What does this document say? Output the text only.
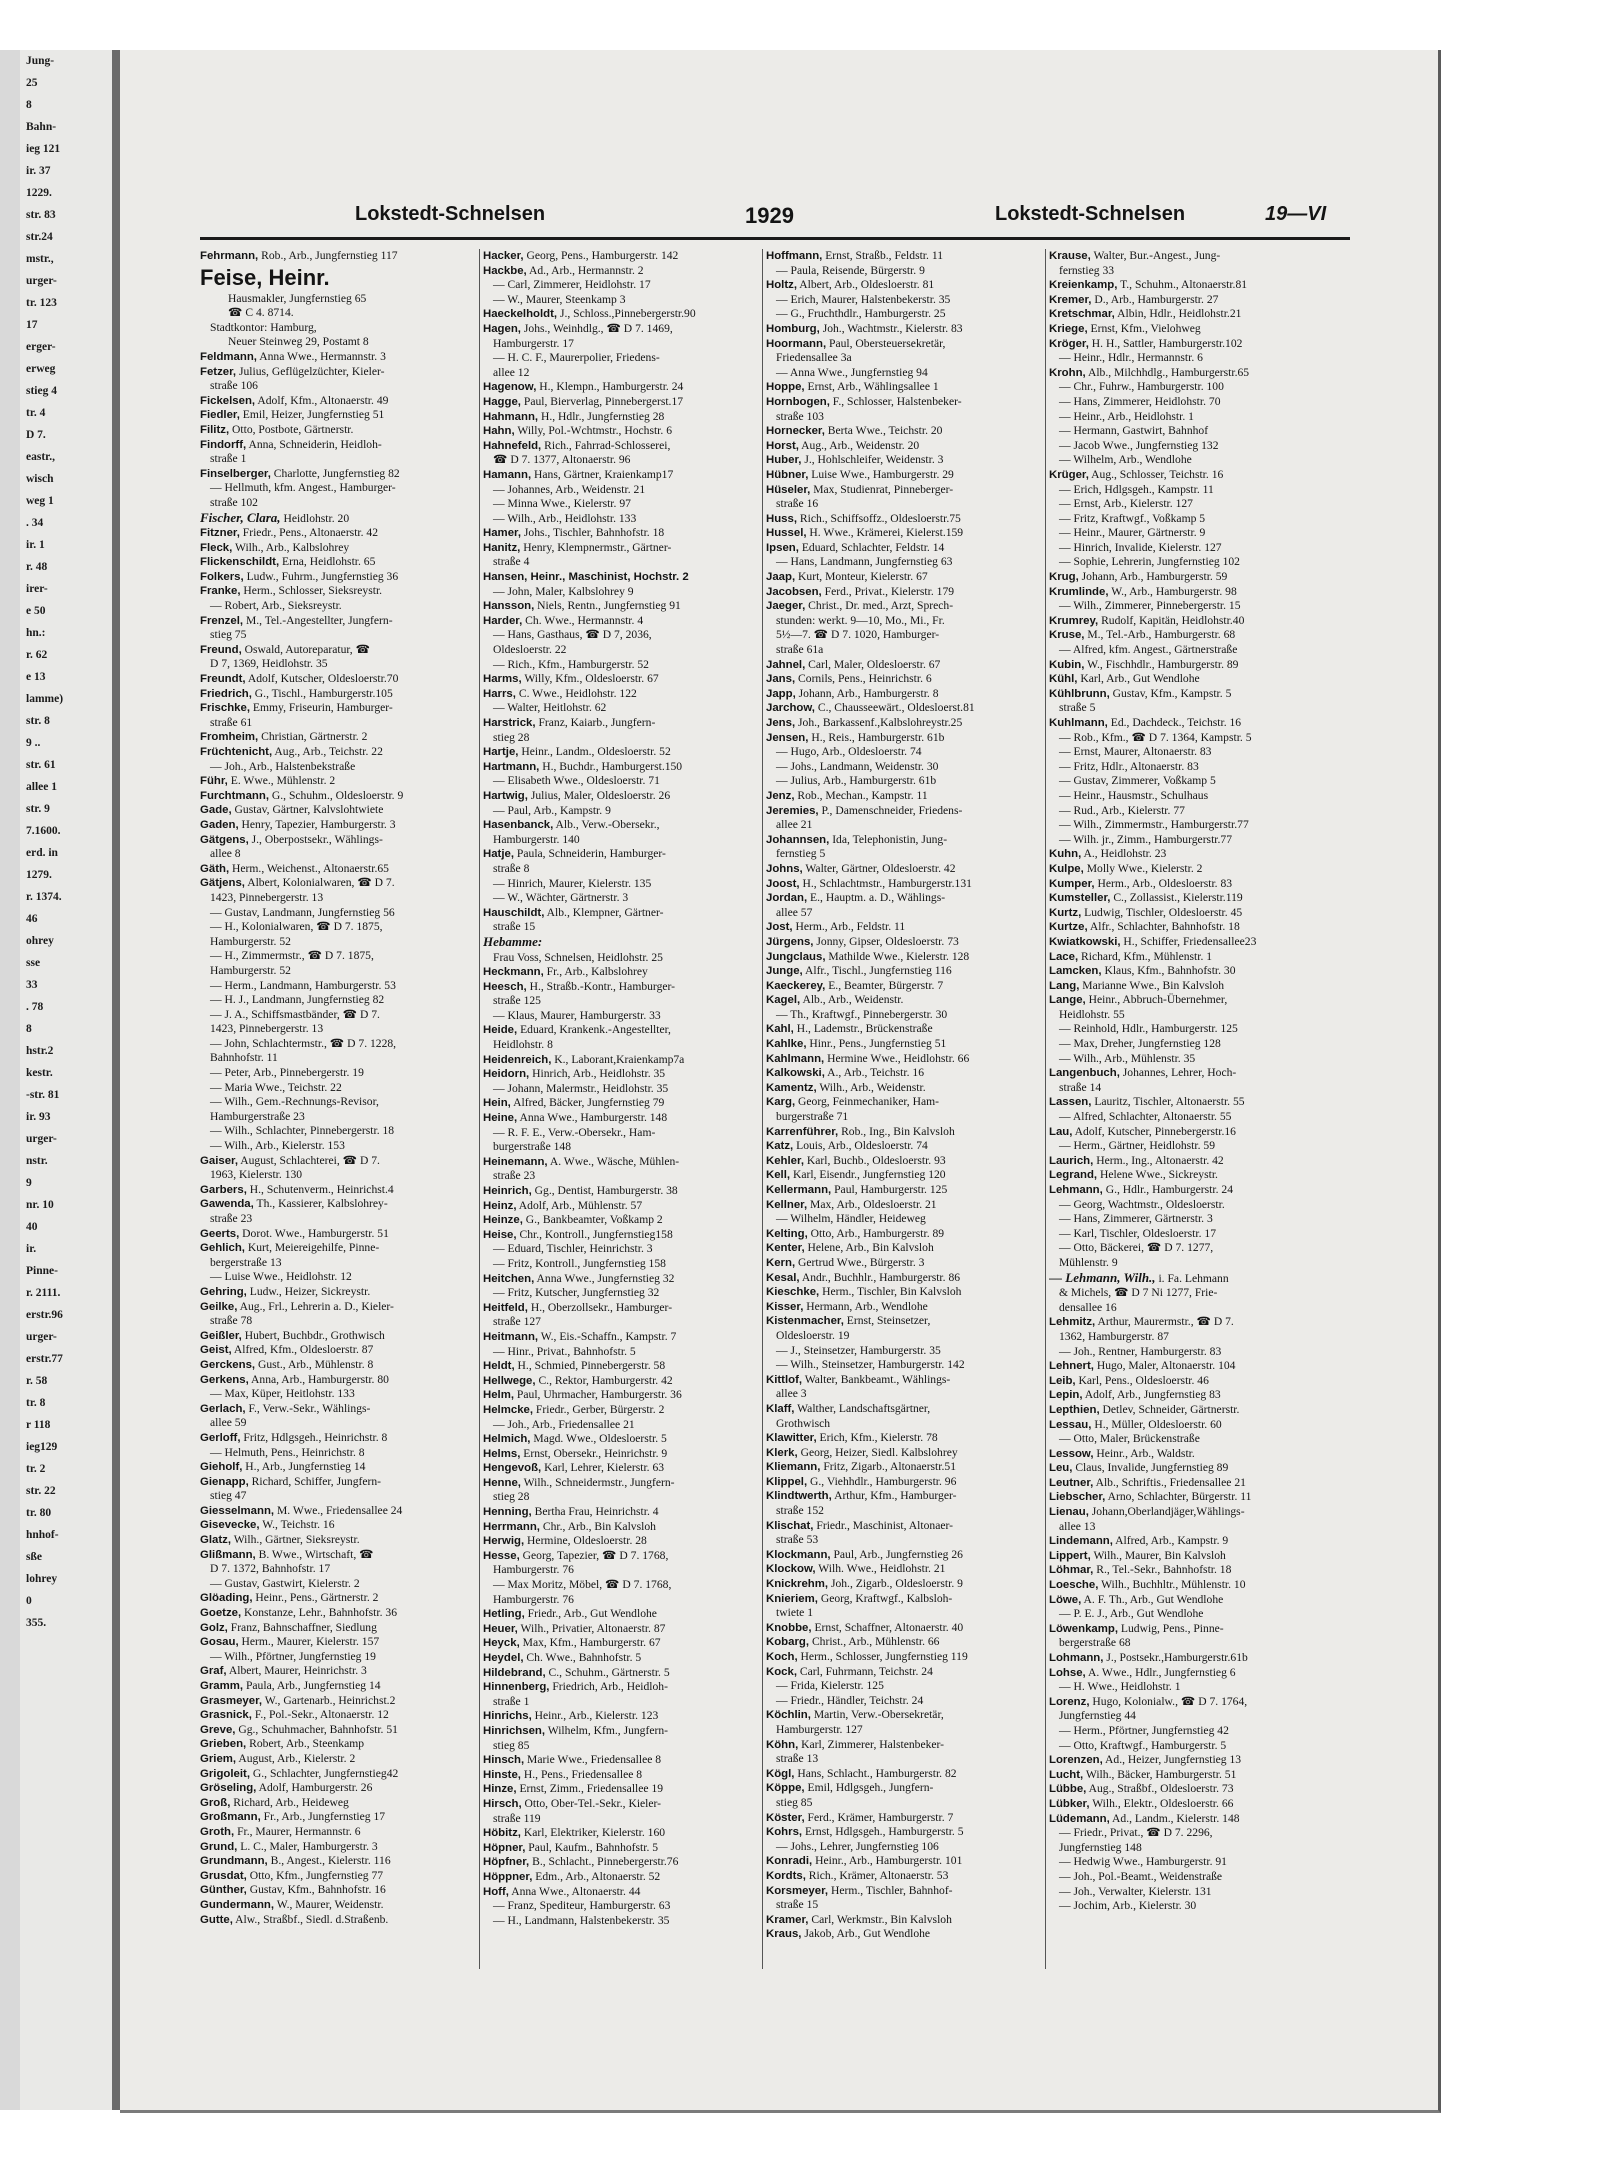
Jung-
25
8
Bahn-
ieg 121
ir. 37
1229.
str. 83
str.24
mstr.,
urger-
tr. 123
17
erger-
erweg
stieg 4
tr. 4
D 7.
eastr.,
wisch
weg 1
. 34
ir. 1
r. 48
irer-
e 50
hn.:
r. 62
e 13
lamme)
str. 8
9 ..
str. 61
allee 1
str. 9
7.1600.
erd. in
1279.
r. 1374.
46
ohrey
sse
33
. 78
8
hstr.2
kestr.
-str. 81
ir. 93
urger-
nstr.
9
nr. 10
40
ir.
Pinne-
r. 2111.
erstr.96
urger-
erstr.77
r. 58
tr. 8
r 118
ieg129
tr. 2
str. 22
tr. 80
hnhof-
sße
lohrey
0
355.
Lokstedt-Schnelsen	1929	Lokstedt-Schnelsen	19—VI
Fehrmann, Rob., Arb., Jungfernstieg 117
Feise, Heinr.
Hausmakler, Jungfernstieg 65
☎ C 4. 8714.
Stadtkontor: Hamburg,
Neuer Steinweg 29, Postamt 8
Feldmann, Anna Wwe., Hermannstr. 3
Fetzer, Julius, Geflügelzüchter, Kieler-
straße 106
Fickelsen, Adolf, Kfm., Altonaerstr. 49
Fiedler, Emil, Heizer, Jungfernstieg 51
Filitz, Otto, Postbote, Gärtnerstr.
Findorff, Anna, Schneiderin, Heidloh-
straße 1
Finselberger, Charlotte, Jungfernstieg 82
— Hellmuth, kfm. Angest., Hamburger-
straße 102
Fischer, Clara, Heidlohstr. 20
Fitzner, Friedr., Pens., Altonaerstr. 42
Fleck, Wilh., Arb., Kalbslohrey
Flickenschildt, Erna, Heidlohstr. 65
Folkers, Ludw., Fuhrm., Jungfernstieg 36
Franke, Herm., Schlosser, Sieksreystr.
— Robert, Arb., Sieksreystr.
Frenzel, M., Tel.-Angestellter, Jungfern-
stieg 75
Freund, Oswald, Autoreparatur, ☎
D 7, 1369, Heidlohstr. 35
Freundt, Adolf, Kutscher, Oldesloerstr.70
Friedrich, G., Tischl., Hamburgerstr.105
Frischke, Emmy, Friseurin, Hamburger-
straße 61
Fromheim, Christian, Gärtnerstr. 2
Früchtenicht, Aug., Arb., Teichstr. 22
— Joh., Arb., Halstenbekstraße
Führ, E. Wwe., Mühlenstr. 2
Furchtmann, G., Schuhm., Oldesloerstr. 9
Gade, Gustav, Gärtner, Kalvslohtwiete
Gaden, Henry, Tapezier, Hamburgerstr. 3
Gätgens, J., Oberpostsekr., Wählings-
allee 8
Gäth, Herm., Weichenst., Altonaerstr.65
Gätjens, Albert, Kolonialwaren, ☎ D 7.
1423, Pinnebergerstr. 13
— Gustav, Landmann, Jungfernstieg 56
— H., Kolonialwaren, ☎ D 7. 1875,
Hamburgerstr. 52
— H., Zimmermstr., ☎ D 7. 1875,
Hamburgerstr. 52
— Herm., Landmann, Hamburgerstr. 53
— H. J., Landmann, Jungfernstieg 82
— J. A., Schiffsmastbänder, ☎ D 7.
1423, Pinnebergerstr. 13
— John, Schlachtermstr., ☎ D 7. 1228,
Bahnhofstr. 11
— Peter, Arb., Pinnebergerstr. 19
— Maria Wwe., Teichstr. 22
— Wilh., Gem.-Rechnungs-Revisor,
Hamburgerstraße 23
— Wilh., Schlachter, Pinnebergerstr. 18
— Wilh., Arb., Kielerstr. 153
Gaiser, August, Schlachterei, ☎ D 7.
1963, Kielerstr. 130
Garbers, H., Schutenverm., Heinrichst.4
Gawenda, Th., Kassierer, Kalbslohrey-
straße 23
Geerts, Dorot. Wwe., Hamburgerstr. 51
Gehlich, Kurt, Meiereigehilfe, Pinne-
bergerstraße 13
— Luise Wwe., Heidlohstr. 12
Gehring, Ludw., Heizer, Sickreystr.
Geilke, Aug., Frl., Lehrerin a. D., Kieler-
straße 78
Geißler, Hubert, Buchbdr., Grothwisch
Geist, Alfred, Kfm., Oldesloerstr. 87
Gerckens, Gust., Arb., Mühlenstr. 8
Gerkens, Anna, Arb., Hamburgerstr. 80
— Max, Küper, Heitlohstr. 133
Gerlach, F., Verw.-Sekr., Wählings-
allee 59
Gerloff, Fritz, Hdlgsgeh., Heinrichstr. 8
— Helmuth, Pens., Heinrichstr. 8
Gieholf, H., Arb., Jungfernstieg 14
Gienapp, Richard, Schiffer, Jungfern-
stieg 47
Giesselmann, M. Wwe., Friedensallee 24
Gisevecke, W., Teichstr. 16
Glatz, Wilh., Gärtner, Sieksreystr.
Glißmann, B. Wwe., Wirtschaft, ☎
D 7. 1372, Bahnhofstr. 17
— Gustav, Gastwirt, Kielerstr. 2
Glöading, Heinr., Pens., Gärtnerstr. 2
Goetze, Konstanze, Lehr., Bahnhofstr. 36
Golz, Franz, Bahnschaffner, Siedlung
Gosau, Herm., Maurer, Kielerstr. 157
— Wilh., Pförtner, Jungfernstieg 19
Graf, Albert, Maurer, Heinrichstr. 3
Gramm, Paula, Arb., Jungfernstieg 14
Grasmeyer, W., Gartenarb., Heinrichst.2
Grasnick, F., Pol.-Sekr., Altonaerstr. 12
Greve, Gg., Schuhmacher, Bahnhofstr. 51
Grieben, Robert, Arb., Steenkamp
Griem, August, Arb., Kielerstr. 2
Grigoleit, G., Schlachter, Jungfernstieg42
Gröseling, Adolf, Hamburgerstr. 26
Groß, Richard, Arb., Heideweg
Großmann, Fr., Arb., Jungfernstieg 17
Groth, Fr., Maurer, Hermannstr. 6
Grund, L. C., Maler, Hamburgerstr. 3
Grundmann, B., Angest., Kielerstr. 116
Grusdat, Otto, Kfm., Jungfernstieg 77
Günther, Gustav, Kfm., Bahnhofstr. 16
Gundermann, W., Maurer, Weidenstr.
Gutte, Alw., Straßbf., Siedl. d.Straßenb.
Hacker, Georg, Pens., Hamburgerstr. 142
Hackbe, Ad., Arb., Hermannstr. 2
— Carl, Zimmerer, Heidlohstr. 17
— W., Maurer, Steenkamp 3
Haeckelholdt, J., Schloss.,Pinnebergerstr.90
Hagen, Johs., Weinhdlg., ☎ D 7. 1469,
Hamburgerstr. 17
— H. C. F., Maurerpolier, Friedens-
allee 12
Hagenow, H., Klempn., Hamburgerstr. 24
Hagge, Paul, Bierverlag, Pinnebergerst.17
Hahmann, H., Hdlr., Jungfernstieg 28
Hahn, Willy, Pol.-Wchtmstr., Hochstr. 6
Hahnefeld, Rich., Fahrrad-Schlosserei,
☎ D 7. 1377, Altonaerstr. 96
Hamann, Hans, Gärtner, Kraienkamp17
— Johannes, Arb., Weidenstr. 21
— Minna Wwe., Kielerstr. 97
— Wilh., Arb., Heidlohstr. 133
Hamer, Johs., Tischler, Bahnhofstr. 18
Hanitz, Henry, Klempnermstr., Gärtner-
straße 4
Hansen, Heinr., Maschinist, Hochstr. 2
— John, Maler, Kalbslohrey 9
Hansson, Niels, Rentn., Jungfernstieg 91
Harder, Ch. Wwe., Hermannstr. 4
— Hans, Gasthaus, ☎ D 7, 2036,
Oldesloerstr. 22
— Rich., Kfm., Hamburgerstr. 52
Harms, Willy, Kfm., Oldesloerstr. 67
Harrs, C. Wwe., Heidlohstr. 122
— Walter, Heitlohstr. 62
Harstrick, Franz, Kaiarb., Jungfern-
stieg 28
Hartje, Heinr., Landm., Oldesloerstr. 52
Hartmann, H., Buchdr., Hamburgerst.150
— Elisabeth Wwe., Oldesloerstr. 71
Hartwig, Julius, Maler, Oldesloerstr. 26
— Paul, Arb., Kampstr. 9
Hasenbanck, Alb., Verw.-Obersekr.,
Hamburgerstr. 140
Hatje, Paula, Schneiderin, Hamburger-
straße 8
— Hinrich, Maurer, Kielerstr. 135
— W., Wächter, Gärtnerstr. 3
Hauschildt, Alb., Klempner, Gärtner-
straße 15
Hebamme:
Frau Voss, Schnelsen, Heidlohstr. 25
Heckmann, Fr., Arb., Kalbslohrey
Heesch, H., Straßb.-Kontr., Hamburger-
straße 125
— Klaus, Maurer, Hamburgerstr. 33
Heide, Eduard, Krankenk.-Angestellter,
Heidlohstr. 8
Heidenreich, K., Laborant,Kraienkamp7a
Heidorn, Hinrich, Arb., Heidlohstr. 35
— Johann, Malermstr., Heidlohstr. 35
Hein, Alfred, Bäcker, Jungfernstieg 79
Heine, Anna Wwe., Hamburgerstr. 148
— R. F. E., Verw.-Obersekr., Ham-
burgerstraße 148
Heinemann, A. Wwe., Wäsche, Mühlen-
straße 23
Heinrich, Gg., Dentist, Hamburgerstr. 38
Heinz, Adolf, Arb., Mühlenstr. 57
Heinze, G., Bankbeamter, Voßkamp 2
Heise, Chr., Kontroll., Jungfernstieg158
— Eduard, Tischler, Heinrichstr. 3
— Fritz, Kontroll., Jungfernstieg 158
Heitchen, Anna Wwe., Jungfernstieg 32
— Fritz, Kutscher, Jungfernstieg 32
Heitfeld, H., Oberzollsekr., Hamburger-
straße 127
Heitmann, W., Eis.-Schaffn., Kampstr. 7
— Hinr., Privat., Bahnhofstr. 5
Heldt, H., Schmied, Pinnebergerstr. 58
Hellwege, C., Rektor, Hamburgerstr. 42
Helm, Paul, Uhrmacher, Hamburgerstr. 36
Helmcke, Friedr., Gerber, Bürgerstr. 2
— Joh., Arb., Friedensallee 21
Helmich, Magd. Wwe., Oldesloerstr. 5
Helms, Ernst, Obersekr., Heinrichstr. 9
Hengevoß, Karl, Lehrer, Kielerstr. 63
Henne, Wilh., Schneidermstr., Jungfern-
stieg 28
Henning, Bertha Frau, Heinrichstr. 4
Herrmann, Chr., Arb., Bin Kalvsloh
Herwig, Hermine, Oldesloerstr. 28
Hesse, Georg, Tapezier, ☎ D 7. 1768,
Hamburgerstr. 76
— Max Moritz, Möbel, ☎ D 7. 1768,
Hamburgerstr. 76
Hetling, Friedr., Arb., Gut Wendlohe
Heuer, Wilh., Privatier, Altonaerstr. 87
Heyck, Max, Kfm., Hamburgerstr. 67
Heydel, Ch. Wwe., Bahnhofstr. 5
Hildebrand, C., Schuhm., Gärtnerstr. 5
Hinnenberg, Friedrich, Arb., Heidloh-
straße 1
Hinrichs, Heinr., Arb., Kielerstr. 123
Hinrichsen, Wilhelm, Kfm., Jungfern-
stieg 85
Hinsch, Marie Wwe., Friedensallee 8
Hinste, H., Pens., Friedensallee 8
Hinze, Ernst, Zimm., Friedensallee 19
Hirsch, Otto, Ober-Tel.-Sekr., Kieler-
straße 119
Höbitz, Karl, Elektriker, Kielerstr. 160
Höpner, Paul, Kaufm., Bahnhofstr. 5
Höpfner, B., Schlacht., Pinnebergerstr.76
Höppner, Edm., Arb., Altonaerstr. 52
Hoff, Anna Wwe., Altonaerstr. 44
— Franz, Spediteur, Hamburgerstr. 63
— H., Landmann, Halstenbekerstr. 35
Hoffmann, Ernst, Straßb., Feldstr. 11
— Paula, Reisende, Bürgerstr. 9
Holtz, Albert, Arb., Oldesloerstr. 81
— Erich, Maurer, Halstenbekerstr. 35
— G., Fruchthdlr., Hamburgerstr. 25
Homburg, Joh., Wachtmstr., Kielerstr. 83
Hoormann, Paul, Obersteuersekretär,
Friedensallee 3a
— Anna Wwe., Jungfernstieg 94
Hoppe, Ernst, Arb., Wählingsallee 1
Hornbogen, F., Schlosser, Halstenbeker-
straße 103
Hornecker, Berta Wwe., Teichstr. 20
Horst, Aug., Arb., Weidenstr. 20
Huber, J., Hohlschleifer, Weidenstr. 3
Hübner, Luise Wwe., Hamburgerstr. 29
Hüseler, Max, Studienrat, Pinneberger-
straße 16
Huss, Rich., Schiffsoffz., Oldesloerstr.75
Hussel, H. Wwe., Krämerei, Kielerst.159
Ipsen, Eduard, Schlachter, Feldstr. 14
— Hans, Landmann, Jungfernstieg 63
Jaap, Kurt, Monteur, Kielerstr. 67
Jacobsen, Ferd., Privat., Kielerstr. 179
Jaeger, Christ., Dr. med., Arzt, Sprech-
stunden: werkt. 9—10, Mo., Mi., Fr.
5½—7. ☎ D 7. 1020, Hamburger-
straße 61a
Jahnel, Carl, Maler, Oldesloerstr. 67
Jans, Cornils, Pens., Heinrichstr. 6
Japp, Johann, Arb., Hamburgerstr. 8
Jarchow, C., Chausseewärt., Oldesloerst.81
Jens, Joh., Barkassenf.,Kalbslohreystr.25
Jensen, H., Reis., Hamburgerstr. 61b
— Hugo, Arb., Oldesloerstr. 74
— Johs., Landmann, Weidenstr. 30
— Julius, Arb., Hamburgerstr. 61b
Jenz, Rob., Mechan., Kampstr. 11
Jeremies, P., Damenschneider, Friedens-
allee 21
Johannsen, Ida, Telephonistin, Jung-
fernstieg 5
Johns, Walter, Gärtner, Oldesloerstr. 42
Joost, H., Schlachtmstr., Hamburgerstr.131
Jordan, E., Hauptm. a. D., Wählings-
allee 57
Jost, Herm., Arb., Feldstr. 11
Jürgens, Jonny, Gipser, Oldesloerstr. 73
Jungclaus, Mathilde Wwe., Kielerstr. 128
Junge, Alfr., Tischl., Jungfernstieg 116
Kaeckerey, E., Beamter, Bürgerstr. 7
Kagel, Alb., Arb., Weidenstr.
— Th., Kraftwgf., Pinnebergerstr. 30
Kahl, H., Lademstr., Brückenstraße
Kahlke, Hinr., Pens., Jungfernstieg 51
Kahlmann, Hermine Wwe., Heidlohstr. 66
Kalkowski, A., Arb., Teichstr. 16
Kamentz, Wilh., Arb., Weidenstr.
Karg, Georg, Feinmechaniker, Ham-
burgerstraße 71
Karrenführer, Rob., Ing., Bin Kalvsloh
Katz, Louis, Arb., Oldesloerstr. 74
Kehler, Karl, Buchb., Oldesloerstr. 93
Kell, Karl, Eisendr., Jungfernstieg 120
Kellermann, Paul, Hamburgerstr. 125
Kellner, Max, Arb., Oldesloerstr. 21
— Wilhelm, Händler, Heideweg
Kelting, Otto, Arb., Hamburgerstr. 89
Kenter, Helene, Arb., Bin Kalvsloh
Kern, Gertrud Wwe., Bürgerstr. 3
Kesal, Andr., Buchhlr., Hamburgerstr. 86
Kieschke, Herm., Tischler, Bin Kalvsloh
Kisser, Hermann, Arb., Wendlohe
Kistenmacher, Ernst, Steinsetzer,
Oldesloerstr. 19
— J., Steinsetzer, Hamburgerstr. 35
— Wilh., Steinsetzer, Hamburgerstr. 142
Kittlof, Walter, Bankbeamt., Wählings-
allee 3
Klaff, Walther, Landschaftsgärtner,
Grothwisch
Klawitter, Erich, Kfm., Kielerstr. 78
Klerk, Georg, Heizer, Siedl. Kalbslohrey
Kliemann, Fritz, Zigarb., Altonaerstr.51
Klippel, G., Viehhdlr., Hamburgerstr. 96
Klindtwerth, Arthur, Kfm., Hamburger-
straße 152
Klischat, Friedr., Maschinist, Altonaer-
straße 53
Klockmann, Paul, Arb., Jungfernstieg 26
Klockow, Wilh. Wwe., Heidlohstr. 21
Knickrehm, Joh., Zigarb., Oldesloerstr. 9
Knieriem, Georg, Kraftwgf., Kalbsloh-
twiete 1
Knobbe, Ernst, Schaffner, Altonaerstr. 40
Kobarg, Christ., Arb., Mühlenstr. 66
Koch, Herm., Schlosser, Jungfernstieg 119
Kock, Carl, Fuhrmann, Teichstr. 24
— Frida, Kielerstr. 125
— Friedr., Händler, Teichstr. 24
Köchlin, Martin, Verw.-Obersekretär,
Hamburgerstr. 127
Köhn, Karl, Zimmerer, Halstenbeker-
straße 13
Kögl, Hans, Schlacht., Hamburgerstr. 82
Köppe, Emil, Hdlgsgeh., Jungfern-
stieg 85
Köster, Ferd., Krämer, Hamburgerstr. 7
Kohrs, Ernst, Hdlgsgeh., Hamburgerstr. 5
— Johs., Lehrer, Jungfernstieg 106
Konradi, Heinr., Arb., Hamburgerstr. 101
Kordts, Rich., Krämer, Altonaerstr. 53
Korsmeyer, Herm., Tischler, Bahnhof-
straße 15
Kramer, Carl, Werkmstr., Bin Kalvsloh
Kraus, Jakob, Arb., Gut Wendlohe
Krause, Walter, Bur.-Angest., Jung-
fernstieg 33
Kreienkamp, T., Schuhm., Altonaerstr.81
Kremer, D., Arb., Hamburgerstr. 27
Kretschmar, Albin, Hdlr., Heidlohstr.21
Kriege, Ernst, Kfm., Vielohweg
Kröger, H. H., Sattler, Hamburgerstr.102
— Heinr., Hdlr., Hermannstr. 6
Krohn, Alb., Milchhdlg., Hamburgerstr.65
— Chr., Fuhrw., Hamburgerstr. 100
— Hans, Zimmerer, Heidlohstr. 70
— Heinr., Arb., Heidlohstr. 1
— Hermann, Gastwirt, Bahnhof
— Jacob Wwe., Jungfernstieg 132
— Wilhelm, Arb., Wendlohe
Krüger, Aug., Schlosser, Teichstr. 16
— Erich, Hdlgsgeh., Kampstr. 11
— Ernst, Arb., Kielerstr. 127
— Fritz, Kraftwgf., Voßkamp 5
— Heinr., Maurer, Gärtnerstr. 9
— Hinrich, Invalide, Kielerstr. 127
— Sophie, Lehrerin, Jungfernstieg 102
Krug, Johann, Arb., Hamburgerstr. 59
Krumlinde, W., Arb., Hamburgerstr. 98
— Wilh., Zimmerer, Pinnebergerstr. 15
Krumrey, Rudolf, Kapitän, Heidlohstr.40
Kruse, M., Tel.-Arb., Hamburgerstr. 68
— Alfred, kfm. Angest., Gärtnerstraße
Kubin, W., Fischhdlr., Hamburgerstr. 89
Kühl, Karl, Arb., Gut Wendlohe
Kühlbrunn, Gustav, Kfm., Kampstr. 5
straße 5
Kuhlmann, Ed., Dachdeck., Teichstr. 16
— Rob., Kfm., ☎ D 7. 1364, Kampstr. 5
— Ernst, Maurer, Altonaerstr. 83
— Fritz, Hdlr., Altonaerstr. 83
— Gustav, Zimmerer, Voßkamp 5
— Heinr., Hausmstr., Schulhaus
— Rud., Arb., Kielerstr. 77
— Wilh., Zimmermstr., Hamburgerstr.77
— Wilh. jr., Zimm., Hamburgerstr.77
Kuhn, A., Heidlohstr. 23
Kulpe, Molly Wwe., Kielerstr. 2
Kumper, Herm., Arb., Oldesloerstr. 83
Kumsteller, C., Zollassist., Kielerstr.119
Kurtz, Ludwig, Tischler, Oldesloerstr. 45
Kurtze, Alfr., Schlachter, Bahnhofstr. 18
Kwiatkowski, H., Schiffer, Friedensallee23
Lace, Richard, Kfm., Mühlenstr. 1
Lamcken, Klaus, Kfm., Bahnhofstr. 30
Lang, Marianne Wwe., Bin Kalvsloh
Lange, Heinr., Abbruch-Übernehmer,
Heidlohstr. 55
— Reinhold, Hdlr., Hamburgerstr. 125
— Max, Dreher, Jungfernstieg 128
— Wilh., Arb., Mühlenstr. 35
Langenbuch, Johannes, Lehrer, Hoch-
straße 14
Lassen, Lauritz, Tischler, Altonaerstr. 55
— Alfred, Schlachter, Altonaerstr. 55
Lau, Adolf, Kutscher, Pinnebergerstr.16
— Herm., Gärtner, Heidlohstr. 59
Laurich, Herm., Ing., Altonaerstr. 42
Legrand, Helene Wwe., Sickreystr.
Lehmann, G., Hdlr., Hamburgerstr. 24
— Georg, Wachtmstr., Oldesloerstr.
— Hans, Zimmerer, Gärtnerstr. 3
— Karl, Tischler, Oldesloerstr. 17
— Otto, Bäckerei, ☎ D 7. 1277,
Mühlenstr. 9
— Lehmann, Wilh., i. Fa. Lehmann
& Michels, ☎ D 7 Ni 1277, Frie-
densallee 16
Lehmitz, Arthur, Maurermstr., ☎ D 7.
1362, Hamburgerstr. 87
— Joh., Rentner, Hamburgerstr. 83
Lehnert, Hugo, Maler, Altonaerstr. 104
Leib, Karl, Pens., Oldesloerstr. 46
Lepin, Adolf, Arb., Jungfernstieg 83
Lepthien, Detlev, Schneider, Gärtnerstr.
Lessau, H., Müller, Oldesloerstr. 60
— Otto, Maler, Brückenstraße
Lessow, Heinr., Arb., Waldstr.
Leu, Claus, Invalide, Jungfernstieg 89
Leutner, Alb., Schriftis., Friedensallee 21
Liebscher, Arno, Schlachter, Bürgerstr. 11
Lienau, Johann,Oberlandjäger,Wählings-
allee 13
Lindemann, Alfred, Arb., Kampstr. 9
Lippert, Wilh., Maurer, Bin Kalvsloh
Löhmar, R., Tel.-Sekr., Bahnhofstr. 18
Loesche, Wilh., Buchhltr., Mühlenstr. 10
Löwe, A. F. Th., Arb., Gut Wendlohe
— P. E. J., Arb., Gut Wendlohe
Löwenkamp, Ludwig, Pens., Pinne-
bergerstraße 68
Lohmann, J., Postsekr.,Hamburgerstr.61b
Lohse, A. Wwe., Hdlr., Jungfernstieg 6
— H. Wwe., Heidlohstr. 1
Lorenz, Hugo, Kolonialw., ☎ D 7. 1764,
Jungfernstieg 44
— Herm., Pförtner, Jungfernstieg 42
— Otto, Kraftwgf., Hamburgerstr. 5
Lorenzen, Ad., Heizer, Jungfernstieg 13
Lucht, Wilh., Bäcker, Hamburgerstr. 51
Lübbe, Aug., Straßbf., Oldesloerstr. 73
Lübker, Wilh., Elektr., Oldesloerstr. 66
Lüdemann, Ad., Landm., Kielerstr. 148
— Friedr., Privat., ☎ D 7. 2296,
Jungfernstieg 148
— Hedwig Wwe., Hamburgerstr. 91
— Joh., Pol.-Beamt., Weidenstraße
— Joh., Verwalter, Kielerstr. 131
— Jochim, Arb., Kielerstr. 30
